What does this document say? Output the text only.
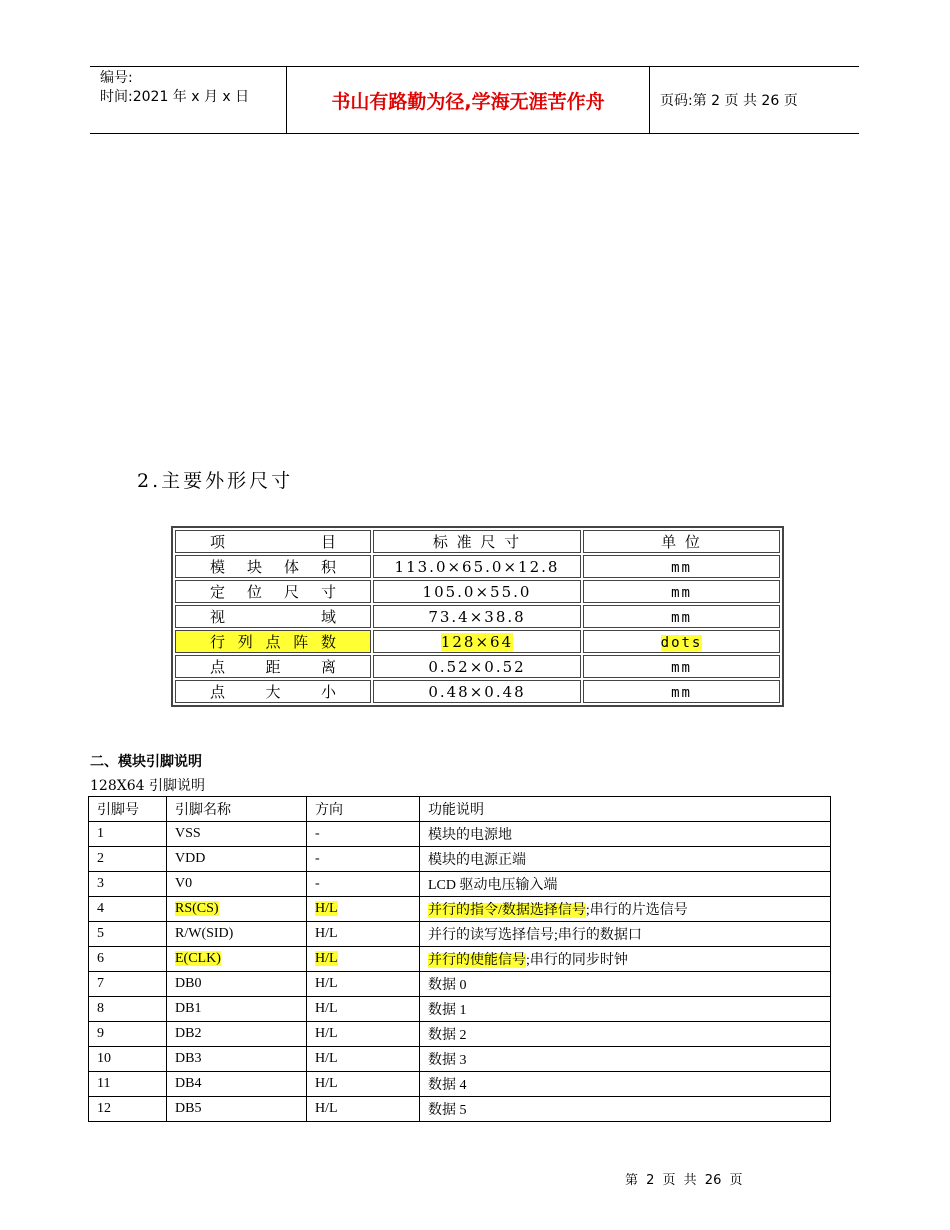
编号:
时间:2021 年 x 月 x 日	书山有路勤为径,学海无涯苦作舟	页码:第 2 页 共 26 页
2.主要外形尺寸
项 目	标 准 尺 寸	单 位

模 块 体 积	113.0×65.0×12.8	mm

定 位 尺 寸	105.0×55.0	mm

视 域	73.4×38.8	mm

行 列 点 阵 数	128×64	dots

点 距 离	0.52×0.52	mm

点 大 小	0.48×0.48	mm
二、模块引脚说明
128X64 引脚说明
引脚号	引脚名称	方向	功能说明
1	VSS	-	模块的电源地
2	VDD	-	模块的电源正端
3	V0	-	LCD 驱动电压输入端
4	RS(CS)	H/L	并行的指令/数据选择信号;串行的片选信号
5	R/W(SID)	H/L	并行的读写选择信号;串行的数据口
6	E(CLK)	H/L	并行的使能信号;串行的同步时钟
7	DB0	H/L	数据 0
8	DB1	H/L	数据 1
9	DB2	H/L	数据 2
10	DB3	H/L	数据 3
11	DB4	H/L	数据 4
12	DB5	H/L	数据 5
第 2 页 共 26 页
